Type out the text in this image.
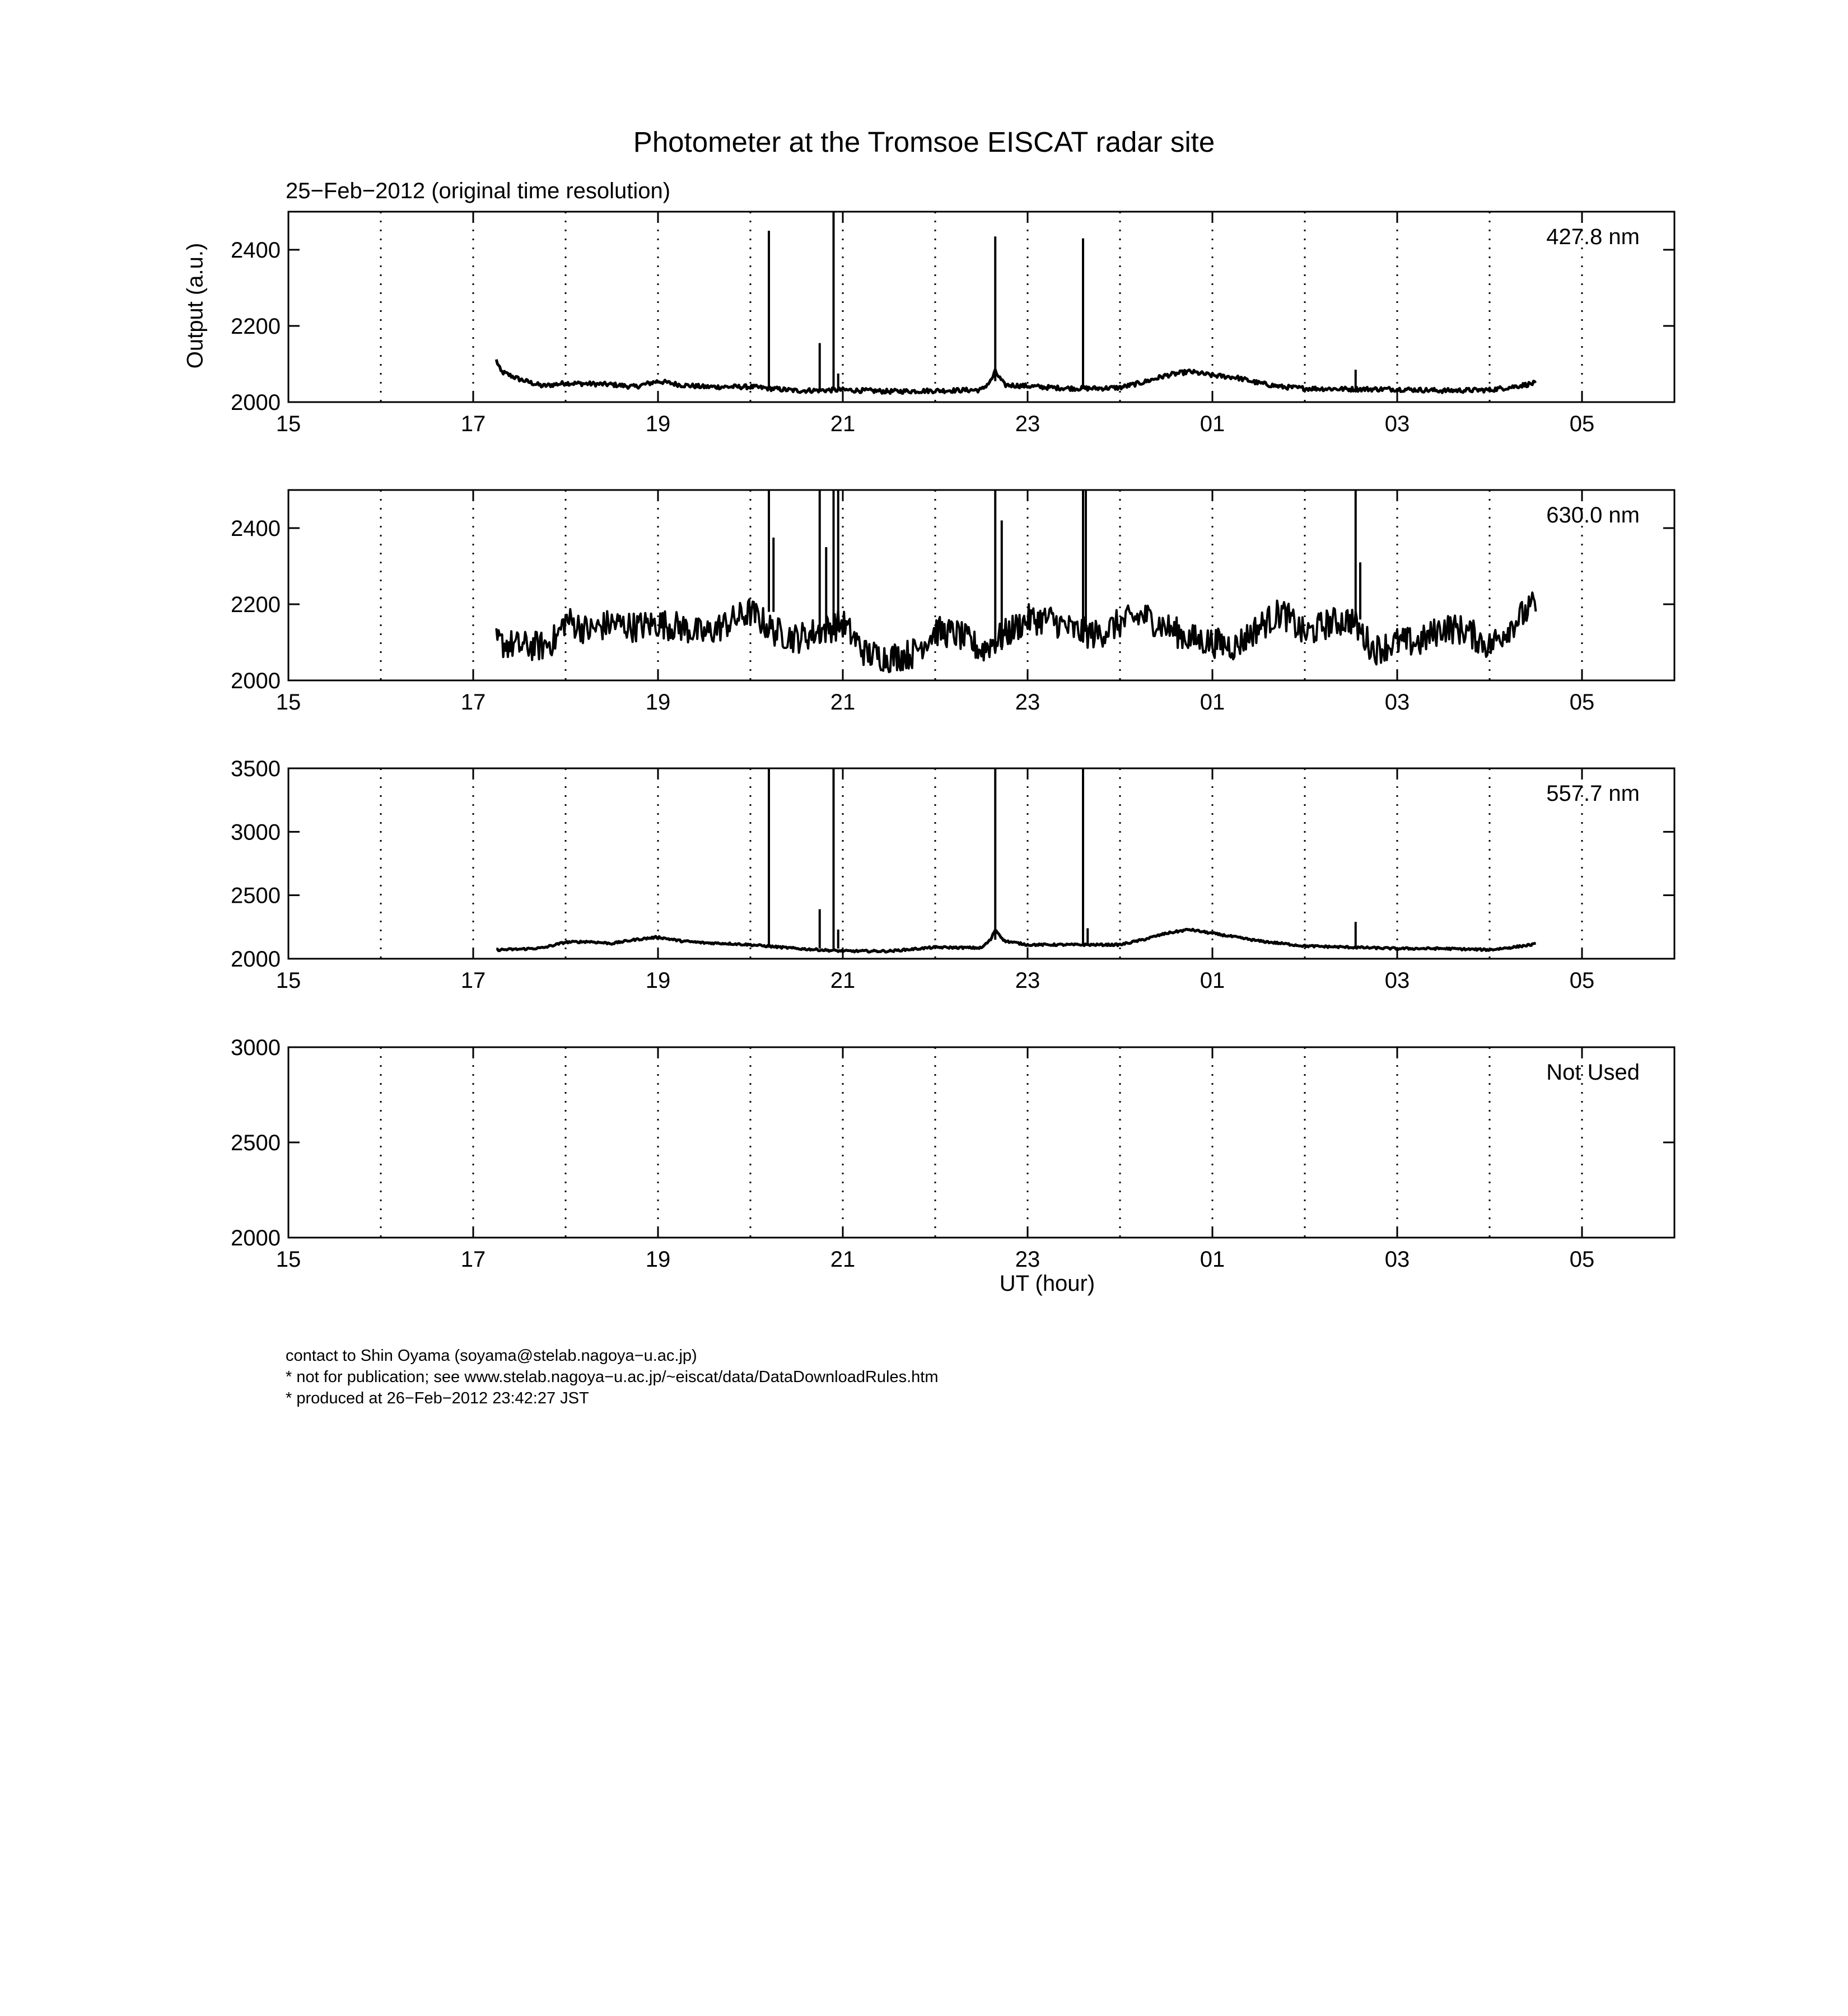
Photometer at the Tromsoe EISCAT radar site
25−Feb−2012 (original time resolution)
Output (a.u.)
15	17	19	21	23	01	03	05
2000
2200
2400
427.8 nm
15	17	19	21	23	01	03	05
2000
2200
2400
630.0 nm
15	17	19	21	23	01	03	05
2000
2500
3000
3500
557.7 nm
15	17	19	21	23	01	03	05
2000
2500
3000
Not Used
UT (hour)
contact to Shin Oyama (soyama@stelab.nagoya−u.ac.jp)
* not for publication; see www.stelab.nagoya−u.ac.jp/~eiscat/data/DataDownloadRules.htm
* produced at 26−Feb−2012 23:42:27 JST
